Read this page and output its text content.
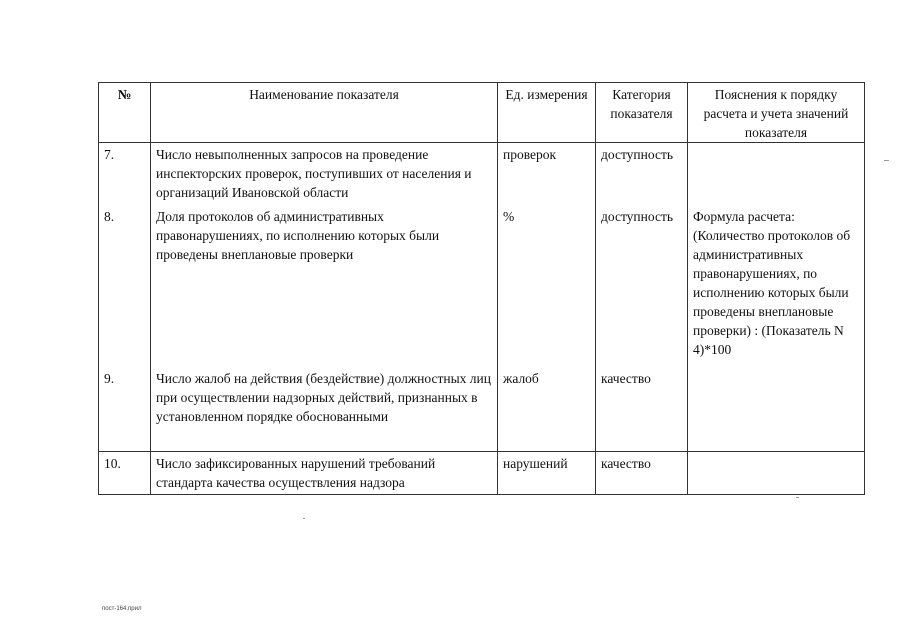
№	Наименование показателя	Ед. измерения	Категория показателя	Пояснения к порядку расчета и учета значений показателя
7.	Число невыполненных запросов на проведение инспекторских проверок, поступивших от населения и организаций Ивановской области	проверок	доступность	
8.	Доля протоколов об административных правонарушениях, по исполнению которых были проведены внеплановые проверки	%	доступность	Формула расчета: (Количество протоколов об административных правонарушениях, по исполнению которых были проведены внеплановые проверки) : (Показатель N 4)*100
9.	Число жалоб на действия (бездействие) должностных лиц при осуществлении надзорных действий, признанных в установленном порядке обоснованными	жалоб	качество	
10.	Число зафиксированных нарушений требований стандарта качества осуществления надзора	нарушений	качество	
пост-164.прил
